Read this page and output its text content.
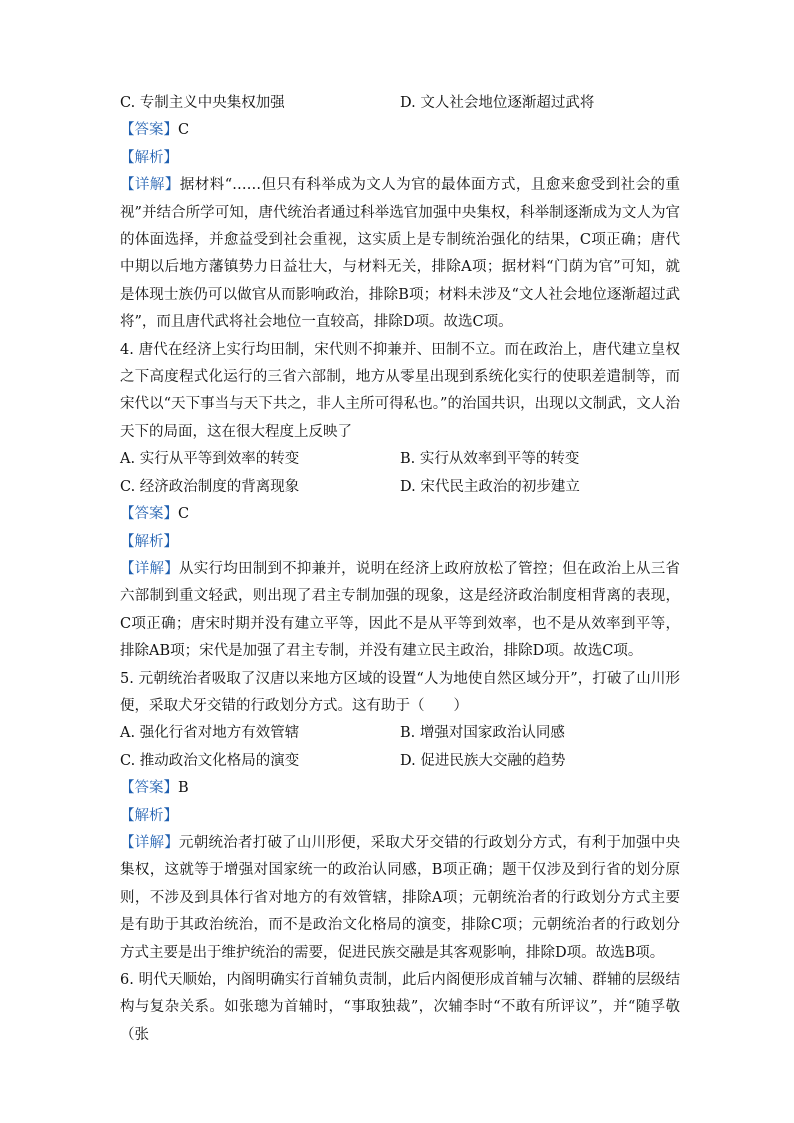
C. 专制主义中央集权加强	D. 文人社会地位逐渐超过武将

【答案】C

【解析】

【详解】据材料“……但只有科举成为文人为官的最体面方式，且愈来愈受到社会的重视”并结合所学可知，唐代统治者通过科举选官加强中央集权，科举制逐渐成为文人为官的体面选择，并愈益受到社会重视，这实质上是专制统治强化的结果，C项正确；唐代中期以后地方藩镇势力日益壮大，与材料无关，排除A项；据材料“门荫为官”可知，就是体现士族仍可以做官从而影响政治，排除B项；材料未涉及“文人社会地位逐渐超过武将”，而且唐代武将社会地位一直较高，排除D项。故选C项。

4. 唐代在经济上实行均田制，宋代则不抑兼并、田制不立。而在政治上，唐代建立皇权之下高度程式化运行的三省六部制，地方从零星出现到系统化实行的使职差遣制等，而宋代以“天下事当与天下共之，非人主所可得私也。”的治国共识，出现以文制武，文人治天下的局面，这在很大程度上反映了

A. 实行从平等到效率的转变	B. 实行从效率到平等的转变

C. 经济政治制度的背离现象	D. 宋代民主政治的初步建立

【答案】C

【解析】

【详解】从实行均田制到不抑兼并，说明在经济上政府放松了管控；但在政治上从三省六部制到重文轻武，则出现了君主专制加强的现象，这是经济政治制度相背离的表现，C项正确；唐宋时期并没有建立平等，因此不是从平等到效率，也不是从效率到平等，排除AB项；宋代是加强了君主专制，并没有建立民主政治，排除D项。故选C项。

5. 元朝统治者吸取了汉唐以来地方区域的设置“人为地使自然区域分开”，打破了山川形便，采取犬牙交错的行政划分方式。这有助于（　　）

A. 强化行省对地方有效管辖	B. 增强对国家政治认同感

C. 推动政治文化格局的演变	D. 促进民族大交融的趋势

【答案】B

【解析】

【详解】元朝统治者打破了山川形便，采取犬牙交错的行政划分方式，有利于加强中央集权，这就等于增强对国家统一的政治认同感，B项正确；题干仅涉及到行省的划分原则，不涉及到具体行省对地方的有效管辖，排除A项；元朝统治者的行政划分方式主要是有助于其政治统治，而不是政治文化格局的演变，排除C项；元朝统治者的行政划分方式主要是出于维护统治的需要，促进民族交融是其客观影响，排除D项。故选B项。

6. 明代天顺始，内阁明确实行首辅负责制，此后内阁便形成首辅与次辅、群辅的层级结构与复杂关系。如张璁为首辅时，“事取独裁”，次辅李时“不敢有所评议”，并“随孚敬（张
